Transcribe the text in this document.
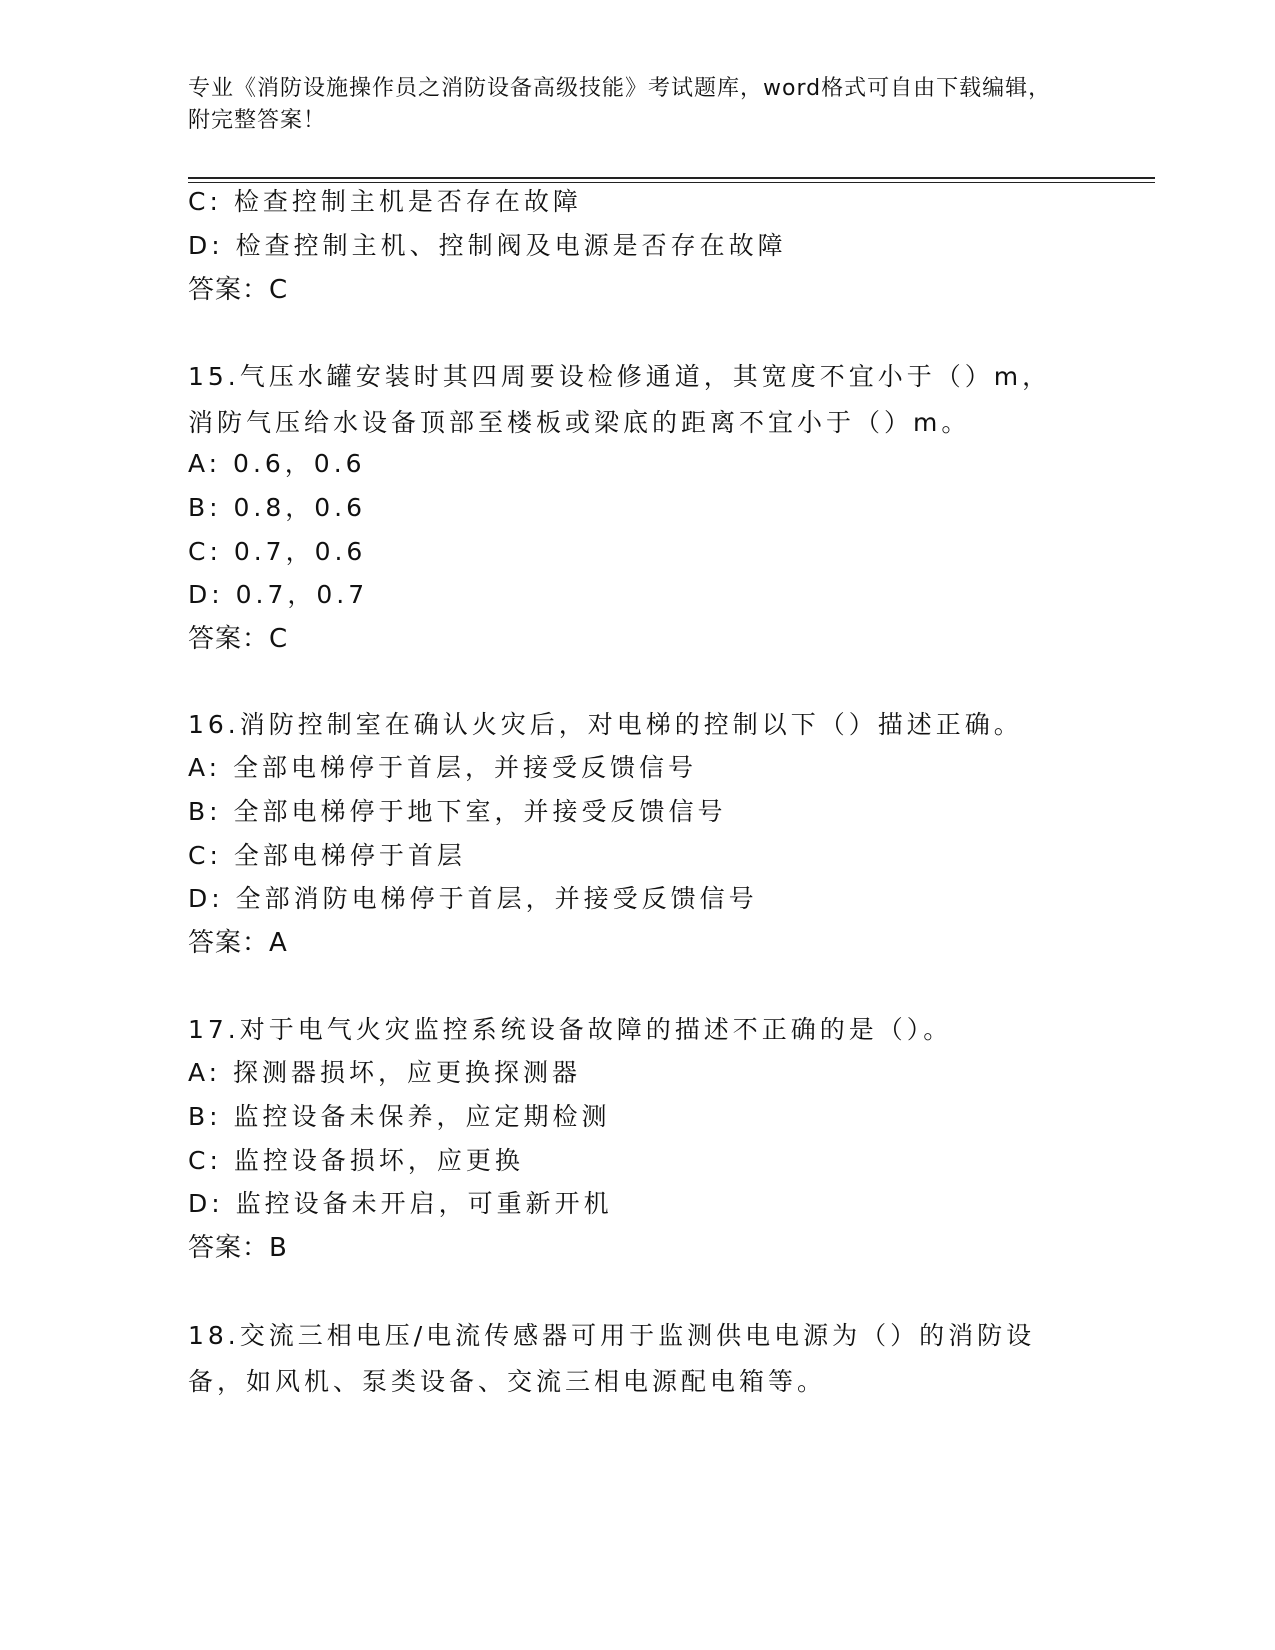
专业《消防设施操作员之消防设备高级技能》考试题库，word格式可自由下载编辑，附完整答案！
C: 检查控制主机是否存在故障
D: 检查控制主机、控制阀及电源是否存在故障
答案：C
15.气压水罐安装时其四周要设检修通道，其宽度不宜小于（）m，消防气压给水设备顶部至楼板或梁底的距离不宜小于（）m。
A: 0.6，0.6
B: 0.8，0.6
C: 0.7，0.6
D: 0.7，0.7
答案：C
16.消防控制室在确认火灾后，对电梯的控制以下（）描述正确。
A: 全部电梯停于首层，并接受反馈信号
B: 全部电梯停于地下室，并接受反馈信号
C: 全部电梯停于首层
D: 全部消防电梯停于首层，并接受反馈信号
答案：A
17.对于电气火灾监控系统设备故障的描述不正确的是（）。
A: 探测器损坏，应更换探测器
B: 监控设备未保养，应定期检测
C: 监控设备损坏，应更换
D: 监控设备未开启，可重新开机
答案：B
18.交流三相电压/电流传感器可用于监测供电电源为（）的消防设备，如风机、泵类设备、交流三相电源配电箱等。
